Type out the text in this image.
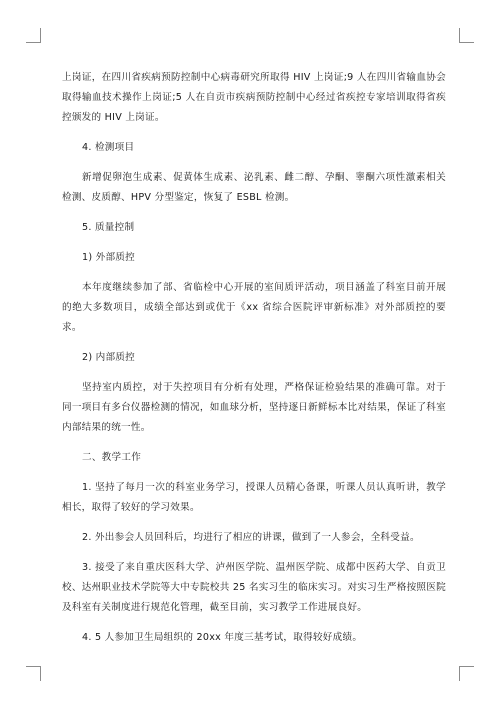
上岗证，在四川省疾病预防控制中心病毒研究所取得 HIV 上岗证;9 人在四川省输血协会取得输血技术操作上岗证;5 人在自贡市疾病预防控制中心经过省疾控专家培训取得省疾控颁发的 HIV 上岗证。

4. 检测项目

新增促卵泡生成素、促黄体生成素、泌乳素、雌二醇、孕酮、睾酮六项性激素相关检测、皮质醇、HPV 分型鉴定，恢复了 ESBL 检测。

5. 质量控制

1) 外部质控

本年度继续参加了部、省临检中心开展的室间质评活动，项目涵盖了科室目前开展的绝大多数项目，成绩全部达到或优于《xx 省综合医院评审新标准》对外部质控的要求。

2) 内部质控

坚持室内质控，对于失控项目有分析有处理，严格保证检验结果的准确可靠。对于同一项目有多台仪器检测的情况，如血球分析，坚持逐日新鲜标本比对结果，保证了科室内部结果的统一性。

二、教学工作

1. 坚持了每月一次的科室业务学习，授课人员精心备课，听课人员认真听讲，教学相长，取得了较好的学习效果。

2. 外出参会人员回科后，均进行了相应的讲课，做到了一人参会，全科受益。

3. 接受了来自重庆医科大学、泸州医学院、温州医学院、成都中医药大学、自贡卫校、达州职业技术学院等大中专院校共 25 名实习生的临床实习。对实习生严格按照医院及科室有关制度进行规范化管理，截至目前，实习教学工作进展良好。

4. 5 人参加卫生局组织的 20xx 年度三基考试，取得较好成绩。
